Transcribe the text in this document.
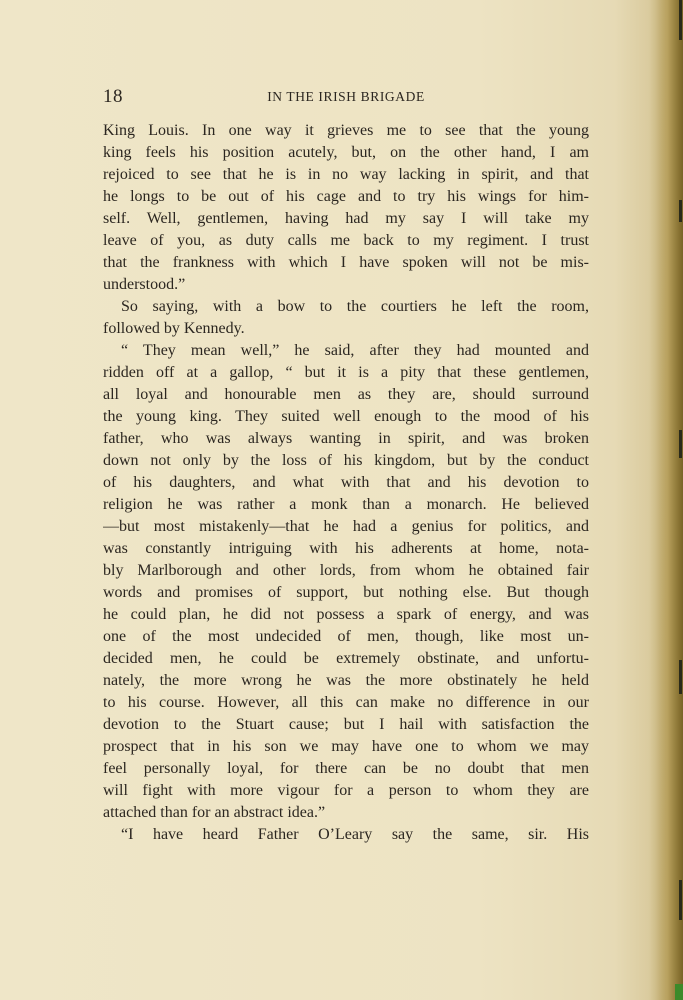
18	IN THE IRISH BRIGADE
King Louis. In one way it grieves me to see that the young
king feels his position acutely, but, on the other hand, I am
rejoiced to see that he is in no way lacking in spirit, and that
he longs to be out of his cage and to try his wings for him-
self. Well, gentlemen, having had my say I will take my
leave of you, as duty calls me back to my regiment. I trust
that the frankness with which I have spoken will not be mis-
understood.”
So saying, with a bow to the courtiers he left the room,
followed by Kennedy.
“ They mean well,” he said, after they had mounted and
ridden off at a gallop, “ but it is a pity that these gentlemen,
all loyal and honourable men as they are, should surround
the young king. They suited well enough to the mood of his
father, who was always wanting in spirit, and was broken
down not only by the loss of his kingdom, but by the conduct
of his daughters, and what with that and his devotion to
religion he was rather a monk than a monarch. He believed
—but most mistakenly—that he had a genius for politics, and
was constantly intriguing with his adherents at home, nota-
bly Marlborough and other lords, from whom he obtained fair
words and promises of support, but nothing else. But though
he could plan, he did not possess a spark of energy, and was
one of the most undecided of men, though, like most un-
decided men, he could be extremely obstinate, and unfortu-
nately, the more wrong he was the more obstinately he held
to his course. However, all this can make no difference in our
devotion to the Stuart cause; but I hail with satisfaction the
prospect that in his son we may have one to whom we may
feel personally loyal, for there can be no doubt that men
will fight with more vigour for a person to whom they are
attached than for an abstract idea.”
“I have heard Father O’Leary say the same, sir. His
